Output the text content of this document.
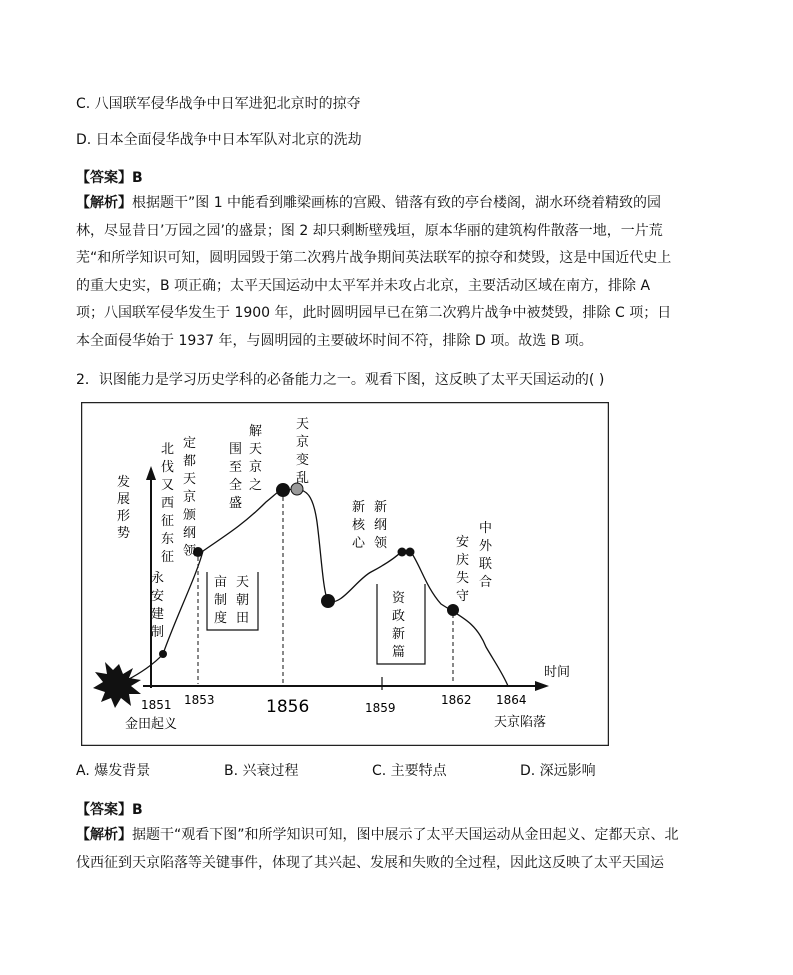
C. 八国联军侵华战争中日军进犯北京时的掠夺
D. 日本全面侵华战争中日本军队对北京的洗劫
【答案】B
【解析】根据题干”图 1 中能看到雕梁画栋的宫殿、错落有致的亭台楼阁，湖水环绕着精致的园林，尽显昔日’万园之园’的盛景；图 2 却只剩断壁残垣，原本华丽的建筑构件散落一地，一片荒芜“和所学知识可知，圆明园毁于第二次鸦片战争期间英法联军的掠夺和焚毁，这是中国近代史上的重大史实，B 项正确；太平天国运动中太平军并未攻占北京，主要活动区域在南方，排除 A 项；八国联军侵华发生于 1900 年，此时圆明园早已在第二次鸦片战争中被焚毁，排除 C 项；日本全面侵华始于 1937 年，与圆明园的主要破坏时间不符，排除 D 项。故选 B 项。
2．识图能力是学习历史学科的必备能力之一。观看下图，这反映了太平天国运动的( )
发
展
形
势
时间
永安建制
北伐又西征东征
定都天京颁纲领
围至全盛
解天京之
天京变乱
新核心
新纲领
亩制度
天朝田
资政新篇
安庆失守
中外联合
1851 1853	1856	1859
1862 1864
金田起义	天京陷落
A. 爆发背景	B. 兴衰过程	C. 主要特点	D. 深远影响
【答案】B
【解析】据题干“观看下图”和所学知识可知，图中展示了太平天国运动从金田起义、定都天京、北伐西征到天京陷落等关键事件，体现了其兴起、发展和失败的全过程，因此这反映了太平天国运
